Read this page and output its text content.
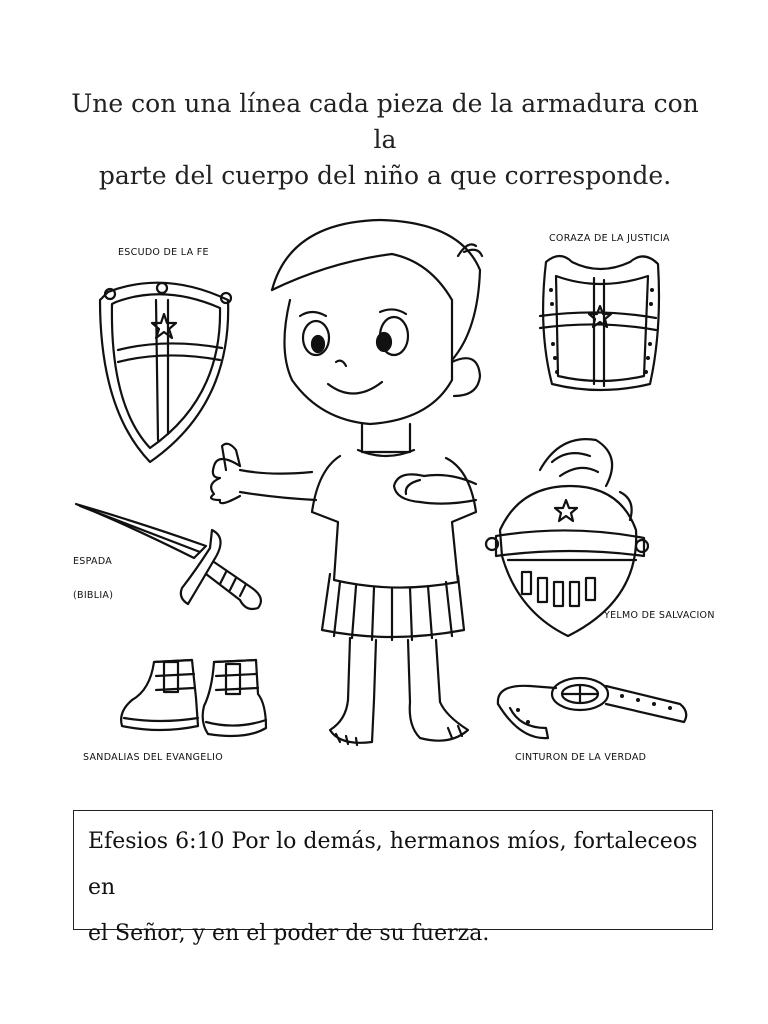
Une con una línea cada pieza de la armadura con la
parte del cuerpo del niño a que corresponde.
ESCUDO DE LA FE
CORAZA DE LA JUSTICIA
ESPADA
(BIBLIA)
YELMO DE SALVACION
SANDALIAS DEL EVANGELIO	CINTURON DE LA VERDAD
Efesios 6:10 Por lo demás, hermanos míos, fortaleceos en
el Señor, y en el poder de su fuerza.
